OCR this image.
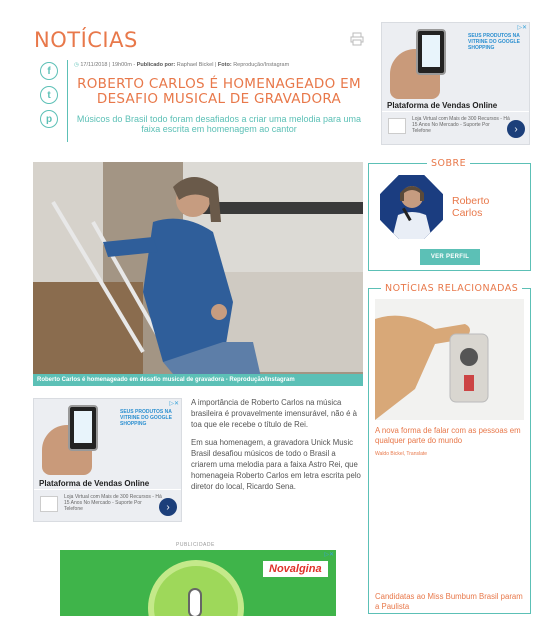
NOTÍCIAS
f
t
p
◷ 17/11/2018 | 19h00m - Publicado por: Raphael Bickel | Foto: Reprodução/Instagram
ROBERTO CARLOS É HOMENAGEADO EM DESAFIO MUSICAL DE GRAVADORA
Músicos do Brasil todo foram desafiados a criar uma melodia para uma faixa escrita em homenagem ao cantor
▷✕
SEUS PRODUTOS NA VITRINE DO GOOGLE SHOPPING
Plataforma de Vendas Online
Loja Virtual com Mais de 300 Recursos - Há 15 Anos No Mercado - Suporte Por Telefone	›
Roberto Carlos é homenageado em desafio musical de gravadora - Reprodução/Instagram
▷✕
SEUS PRODUTOS NA VITRINE DO GOOGLE SHOPPING
Plataforma de Vendas Online
Loja Virtual com Mais de 300 Recursos - Há 15 Anos No Mercado - Suporte Por Telefone	›

A importância de Roberto Carlos na música brasileira é provavelmente imensurável, não é à toa que ele recebe o título de Rei.

Em sua homenagem, a gravadora Unick Music Brasil desafiou músicos de todo o Brasil a criarem uma melodia para a faixa Astro Rei, que homenageia Roberto Carlos em letra escrita pelo diretor do local, Ricardo Sena.

PUBLICIDADE
▷✕
Novalgina
SOBRE
Roberto Carlos
VER PERFIL
NOTÍCIAS RELACIONADAS
A nova forma de falar com as pessoas em qualquer parte do mundo
Waldo Bickel, Translate
Candidatas ao Miss Bumbum Brasil param a Paulista
